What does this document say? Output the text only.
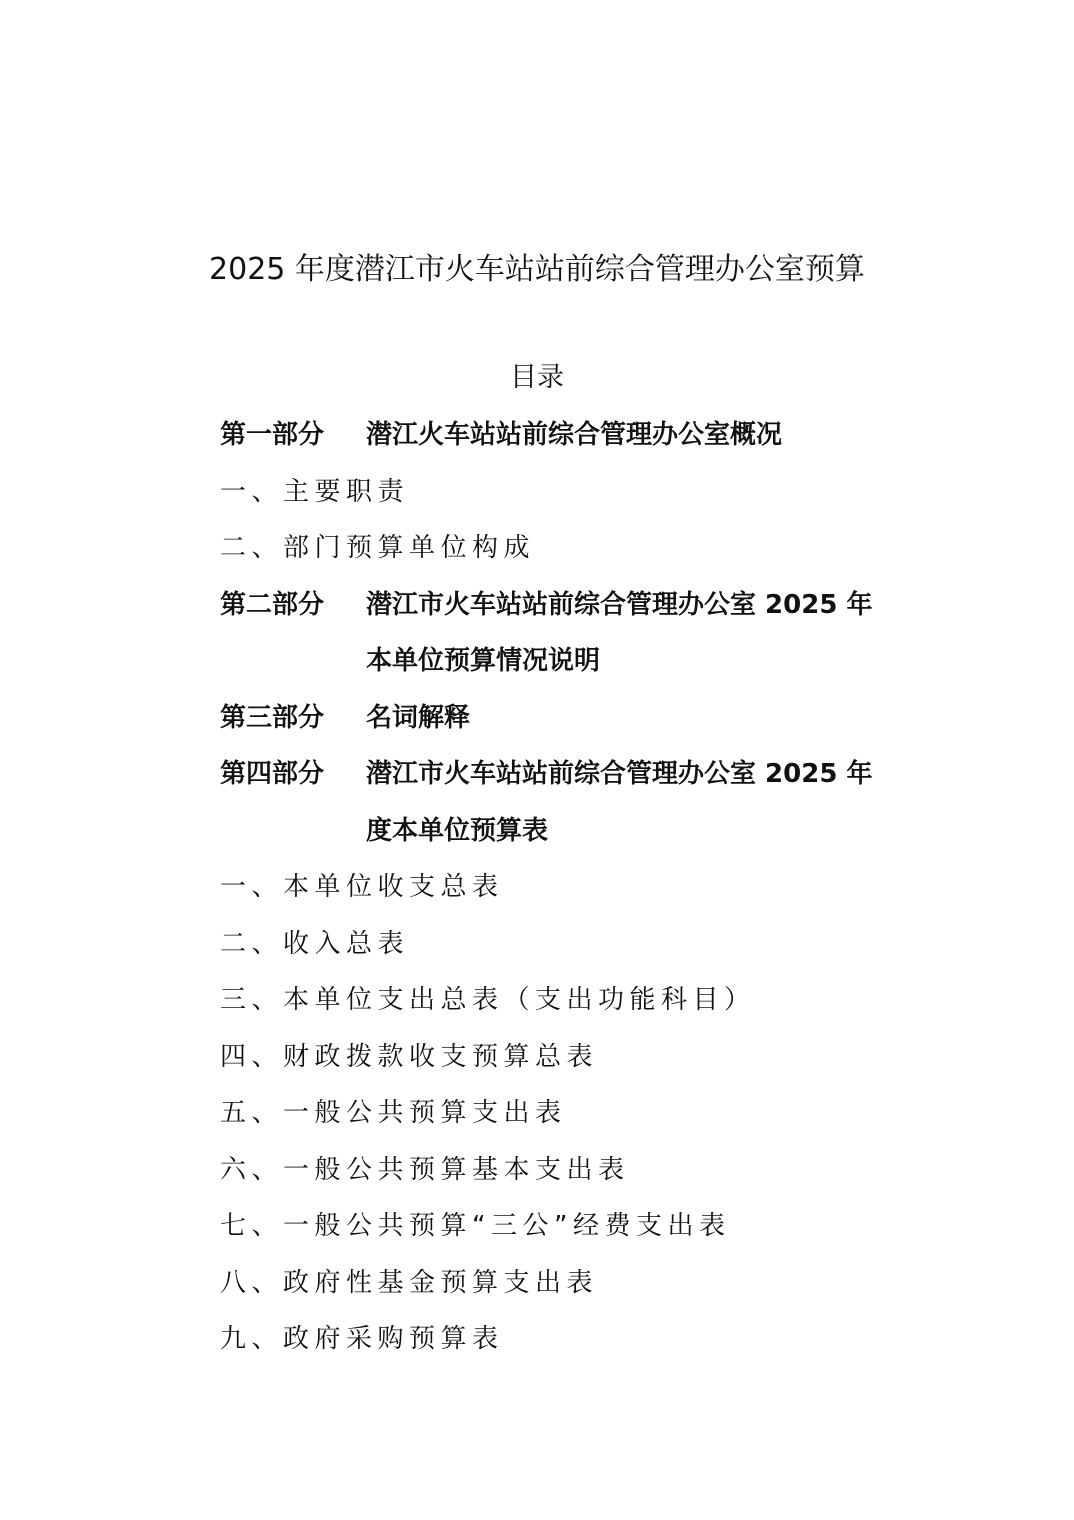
2025 年度潜江市火车站站前综合管理办公室预算
目录
第一部分 潜江火车站站前综合管理办公室概况
一、主要职责
二、部门预算单位构成
第二部分 潜江市火车站站前综合管理办公室 2025 年
本单位预算情况说明
第三部分 名词解释
第四部分 潜江市火车站站前综合管理办公室 2025 年
度本单位预算表
一、本单位收支总表
二、收入总表
三、本单位支出总表（支出功能科目）
四、财政拨款收支预算总表
五、一般公共预算支出表
六、一般公共预算基本支出表
七、一般公共预算“三公”经费支出表
八、政府性基金预算支出表
九、政府采购预算表
